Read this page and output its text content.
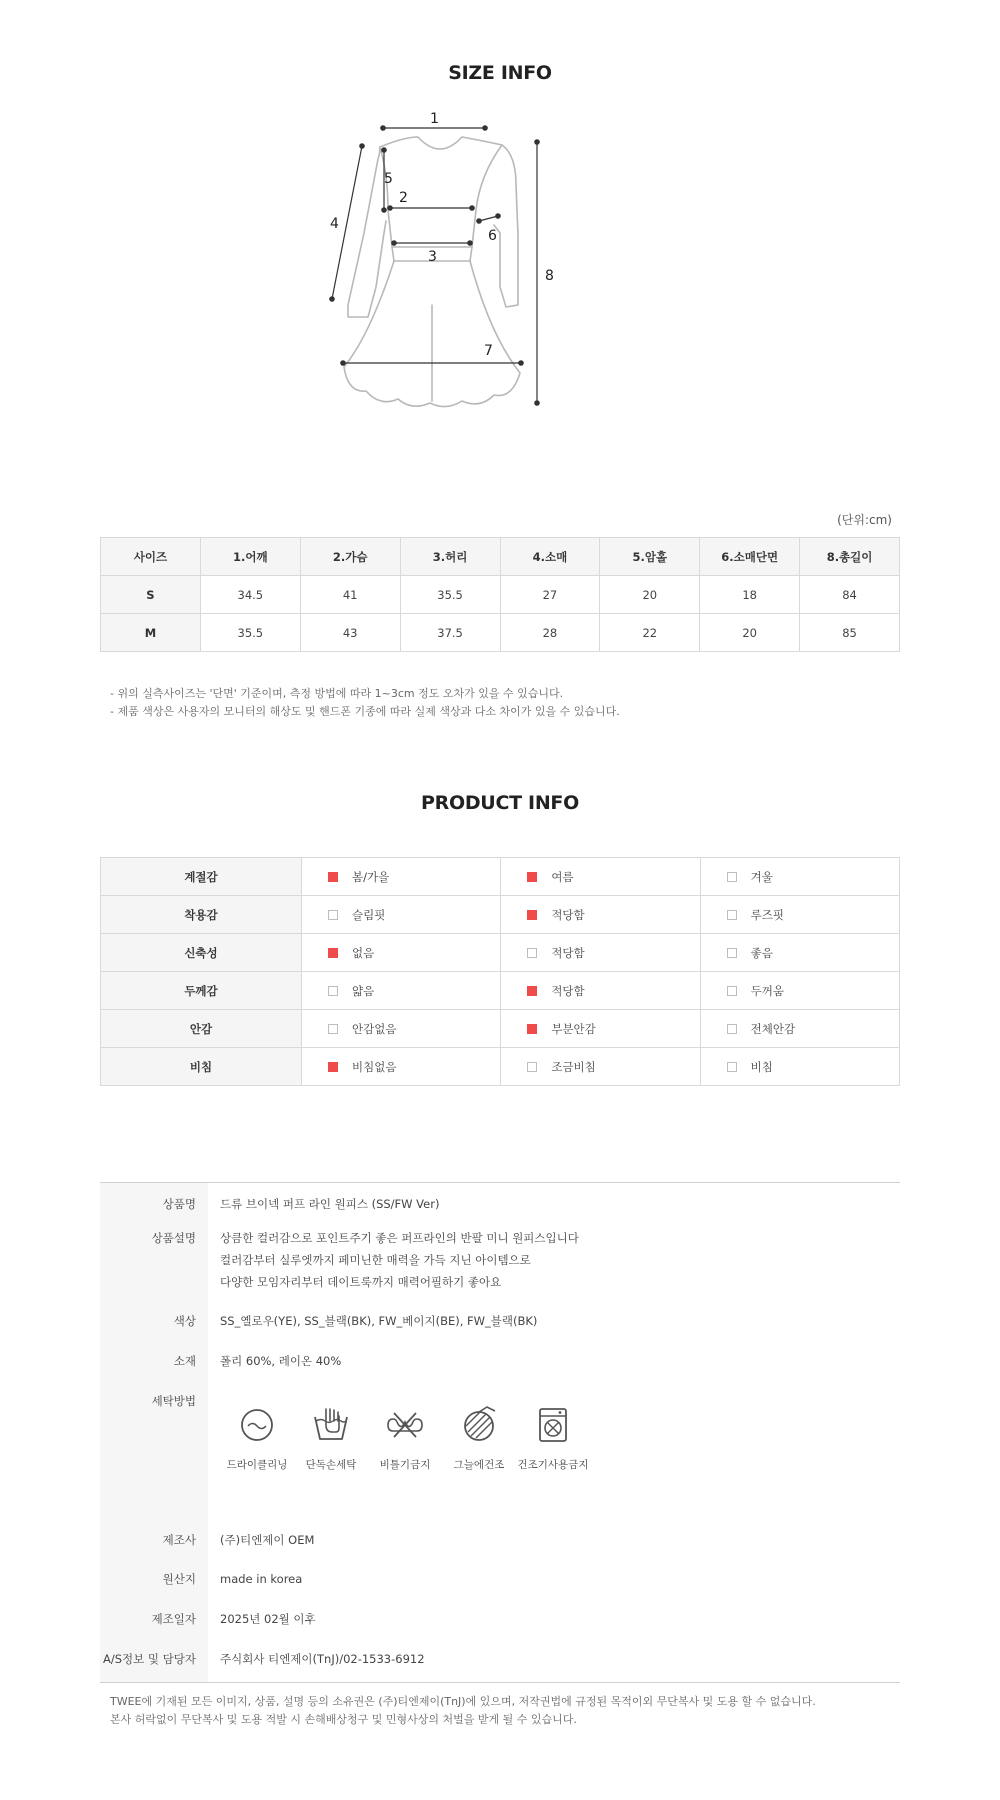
SIZE INFO
1
2
3
4
5
6
7
8
(단위:cm)
사이즈	1.어깨	2.가슴	3.허리	4.소매	5.암홀	6.소매단면	8.총길이
S	34.5	41	35.5	27	20	18	84
M	35.5	43	37.5	28	22	20	85
- 위의 실측사이즈는 '단면' 기준이며, 측정 방법에 따라 1~3cm 정도 오차가 있을 수 있습니다.
- 제품 색상은 사용자의 모니터의 해상도 및 핸드폰 기종에 따라 실제 색상과 다소 차이가 있을 수 있습니다.
PRODUCT INFO
계절감	봄/가을	여름	겨울
착용감	슬림핏	적당함	루즈핏
신축성	없음	적당함	좋음
두께감	얇음	적당함	두꺼움
안감	안감없음	부분안감	전체안감
비침	비침없음	조금비침	비침
상품명 드류 브이넥 퍼프 라인 원피스 (SS/FW Ver)
상품설명 상큼한 컬러감으로 포인트주기 좋은 퍼프라인의 반팔 미니 원피스입니다
컬러감부터 실루엣까지 페미닌한 매력을 가득 지닌 아이템으로
다양한 모임자리부터 데이트룩까지 매력어필하기 좋아요
색상 SS_옐로우(YE), SS_블랙(BK), FW_베이지(BE), FW_블랙(BK)
소재 폴리 60%, 레이온 40%
세탁방법
드라이클리닝	단독손세탁	비틀기금지	그늘에건조	건조기사용금지
제조사 (주)티엔제이 OEM
원산지 made in korea
제조일자 2025년 02월 이후
A/S정보 및 담당자 주식회사 티엔제이(TnJ)/02-1533-6912
TWEE에 기재된 모든 이미지, 상품, 설명 등의 소유권은 (주)티엔제이(TnJ)에 있으며, 저작권법에 규정된 목적이외 무단복사 및 도용 할 수 없습니다.
본사 허락없이 무단복사 및 도용 적발 시 손해배상청구 및 민형사상의 처벌을 받게 될 수 있습니다.
